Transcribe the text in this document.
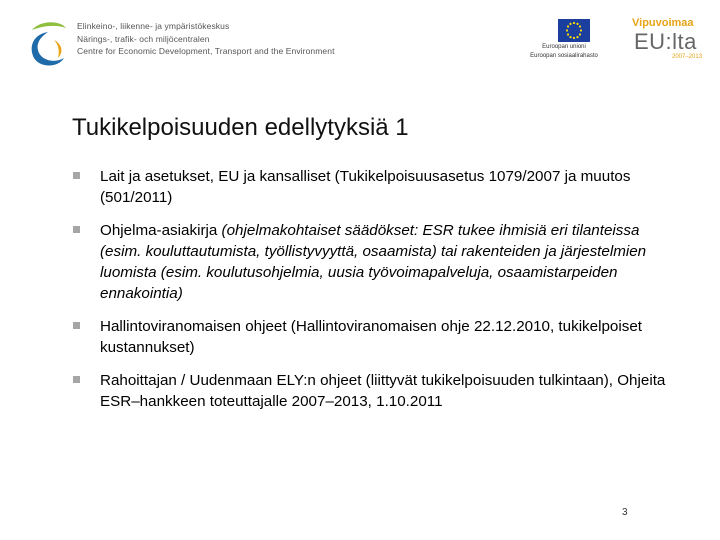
Elinkeino-, liikenne- ja ympäristökeskus
Närings-, trafik- och miljöcentralen
Centre for Economic Development, Transport and the Environment	Euroopan unioni
Euroopan sosiaalirahasto
Vipuvoimaa
EU:lta
2007–2013
Tukikelpoisuuden edellytyksiä 1
Lait ja asetukset, EU ja kansalliset (Tukikelpoisuusasetus 1079/2007 ja muutos (501/2011)
Ohjelma-asiakirja (ohjelmakohtaiset säädökset: ESR tukee ihmisiä eri tilanteissa (esim. kouluttautumista, työllistyvyyttä, osaamista) tai rakenteiden ja järjestelmien luomista (esim. koulutusohjelmia, uusia työvoimapalveluja, osaamistarpeiden ennakointia)
Hallintoviranomaisen ohjeet (Hallintoviranomaisen ohje 22.12.2010, tukikelpoiset kustannukset)
Rahoittajan / Uudenmaan ELY:n ohjeet (liittyvät tukikelpoisuuden tulkintaan), Ohjeita ESR–hankkeen toteuttajalle 2007–2013, 1.10.2011
3
